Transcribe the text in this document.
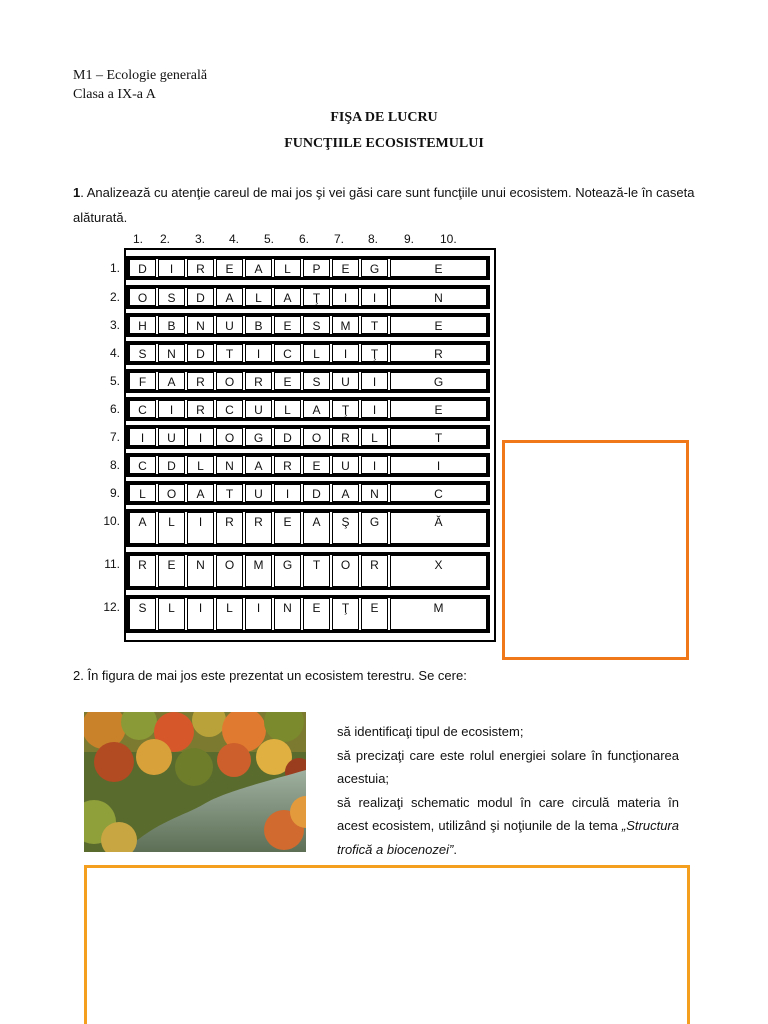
M1 – Ecologie generală
Clasa a IX-a A
FIŞA DE LUCRU
FUNCŢIILE ECOSISTEMULUI
1. Analizează cu atenţie careul de mai jos şi vei găsi care sunt funcţiile unui ecosistem. Notează-le în caseta alăturată.
1. 2. 3. 4. 5. 6. 7. 8. 9. 10.
2. În figura de mai jos este prezentat un ecosistem terestru. Se cere:
să identificaţi tipul de ecosistem;
să precizaţi care este rolul energiei solare în funcţionarea acestuia;
să realizaţi schematic modul în care circulă materia în acest ecosistem, utilizând şi noţiunile de la tema „Structura trofică a biocenozei”.
1.	D	I	R	E	A	L	P	E	G	E
2.	O	S	D	A	L	A	Ţ	I	I	N
3.	H	B	N	U	B	E	S	M	T	E
4.	S	N	D	T	I	C	L	I	Ţ	R
5.	F	A	R	O	R	E	S	U	I	G
6.	C	I	R	C	U	L	A	Ţ	I	E
7.	I	U	I	O	G	D	O	R	L	T
8.	C	D	L	N	A	R	E	U	I	I
9.	L	O	A	T	U	I	D	A	N	C
10.	A	L	I	R	R	E	A	Ş	G	Ă
11.	R	E	N	O	M	G	T	O	R	X
12.	S	L	I	L	I	N	E	Ţ	E	M
